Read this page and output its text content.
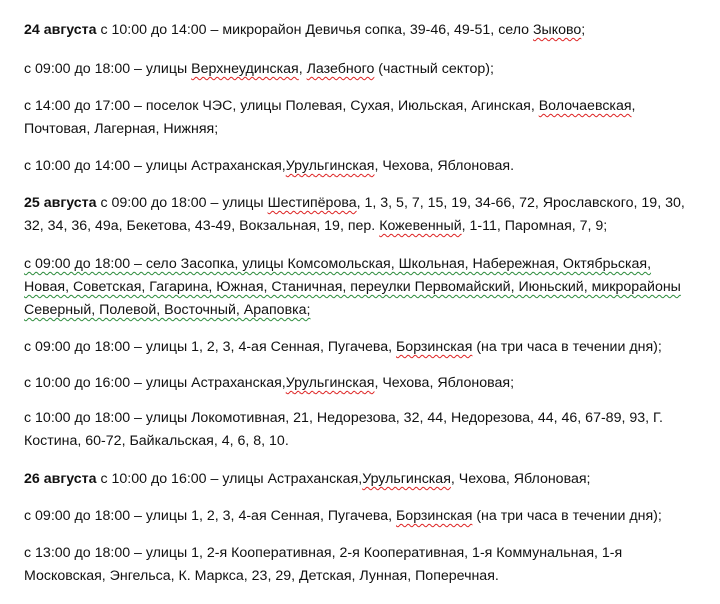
24 августа с 10:00 до 14:00 – микрорайон Девичья сопка, 39-46, 49-51, село Зыково;

с 09:00 до 18:00 – улицы Верхнеудинская, Лазебного (частный сектор);

с 14:00 до 17:00 – поселок ЧЭС, улицы Полевая, Сухая, Июльская, Агинская, Волочаевская,
Почтовая, Лагерная, Нижняя;

с 10:00 до 14:00 – улицы Астраханская,Урульгинская, Чехова, Яблоновая.

25 августа с 09:00 до 18:00 – улицы Шестипёрова, 1, 3, 5, 7, 15, 19, 34-66, 72, Ярославского, 19, 30,
32, 34, 36, 49а, Бекетова, 43-49, Вокзальная, 19, пер. Кожевенный, 1-11, Паромная, 7, 9;

с 09:00 до 18:00 – село Засопка, улицы Комсомольская, Школьная, Набережная, Октябрьская,
Новая, Советская, Гагарина, Южная, Станичная, переулки Первомайский, Июньский, микрорайоны
Северный, Полевой, Восточный, Араповка;

с 09:00 до 18:00 – улицы 1, 2, 3, 4-ая Сенная, Пугачева, Борзинская (на три часа в течении дня);

с 10:00 до 16:00 – улицы Астраханская,Урульгинская, Чехова, Яблоновая;

с 10:00 до 18:00 – улицы Локомотивная, 21, Недорезова, 32, 44, Недорезова, 44, 46, 67-89, 93, Г.
Костина, 60-72, Байкальская, 4, 6, 8, 10.

26 августа с 10:00 до 16:00 – улицы Астраханская,Урульгинская, Чехова, Яблоновая;

с 09:00 до 18:00 – улицы 1, 2, 3, 4-ая Сенная, Пугачева, Борзинская (на три часа в течении дня);

с 13:00 до 18:00 – улицы 1, 2-я Кооперативная, 2-я Кооперативная, 1-я Коммунальная, 1-я
Московская, Энгельса, К. Маркса, 23, 29, Детская, Лунная, Поперечная.
